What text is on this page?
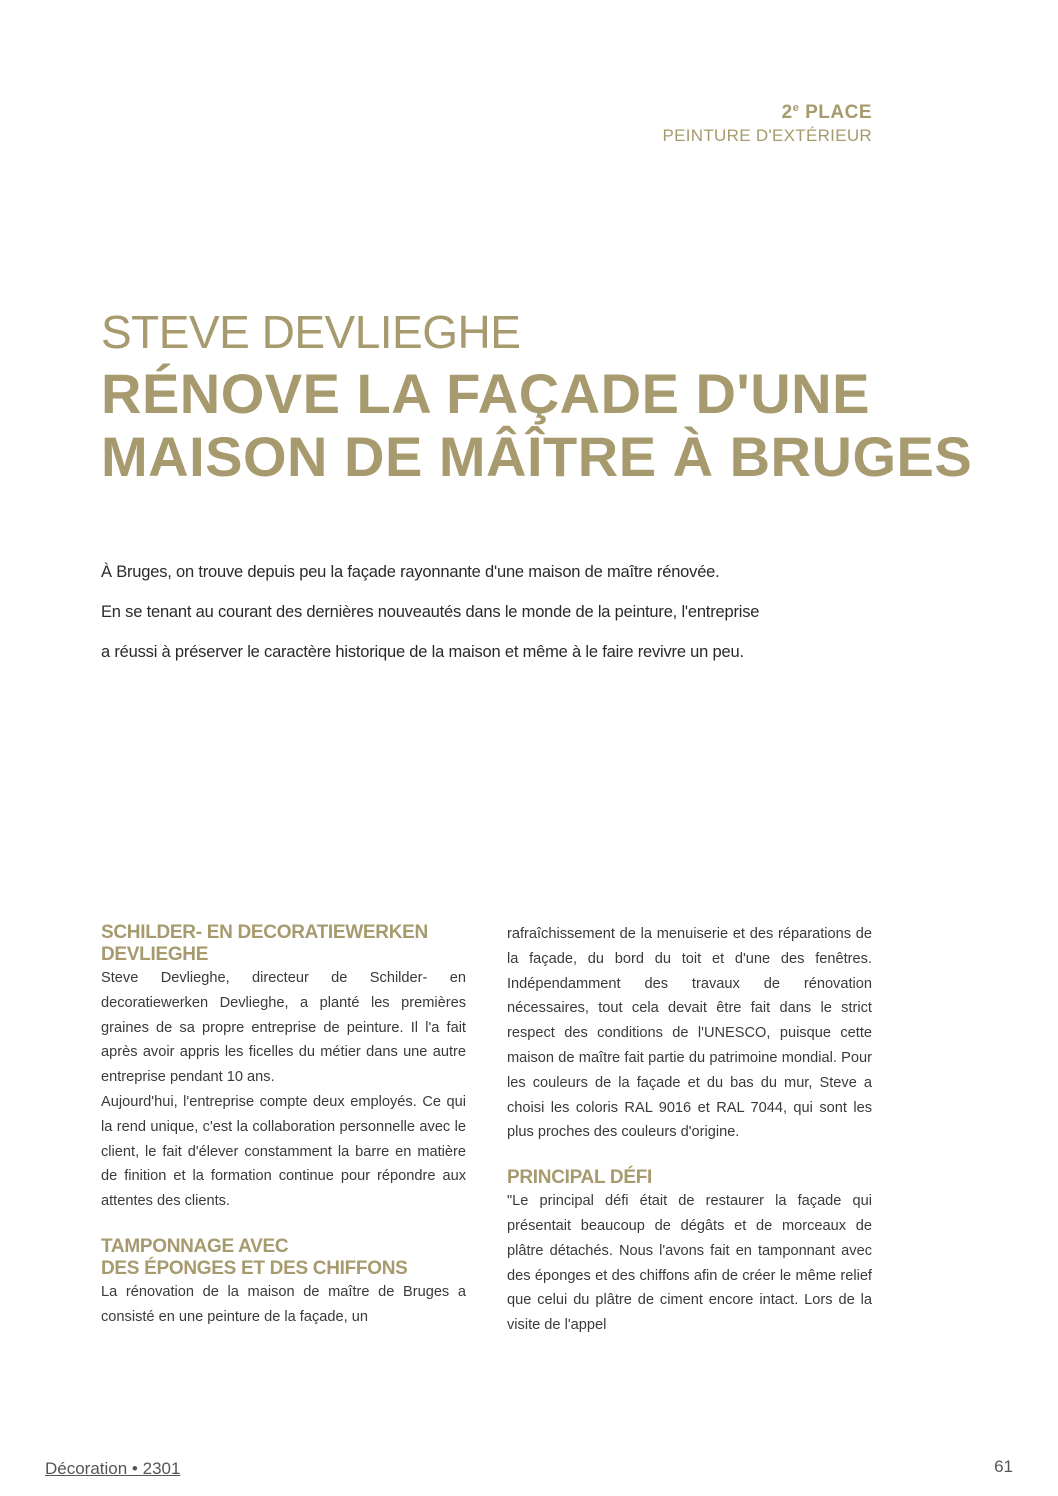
2e PLACE
PEINTURE D'EXTÉRIEUR
STEVE DEVLIEGHE
RÉNOVE LA FAÇADE D'UNE
MAISON DE MÂÎTRE À BRUGES

À Bruges, on trouve depuis peu la façade rayonnante d'une maison de maître rénovée.

En se tenant au courant des dernières nouveautés dans le monde de la peinture, l'entreprise

a réussi à préserver le caractère historique de la maison et même à le faire revivre un peu.

SCHILDER- EN DECORATIEWERKEN
DEVLIEGHE

Steve Devlieghe, directeur de Schilder- en decoratiewerken Devlieghe, a planté les premières graines de sa propre entreprise de peinture. Il l'a fait après avoir appris les ficelles du métier dans une autre entreprise pendant 10 ans.

Aujourd'hui, l'entreprise compte deux employés. Ce qui la rend unique, c'est la collaboration personnelle avec le client, le fait d'élever constamment la barre en matière de finition et la formation continue pour répondre aux attentes des clients.

TAMPONNAGE AVEC
DES ÉPONGES ET DES CHIFFONS

La rénovation de la maison de maître de Bruges a consisté en une peinture de la façade, un

rafraîchissement de la menuiserie et des réparations de la façade, du bord du toit et d'une des fenêtres. Indépendamment des travaux de rénovation nécessaires, tout cela devait être fait dans le strict respect des conditions de l'UNESCO, puisque cette maison de maître fait partie du patrimoine mondial. Pour les couleurs de la façade et du bas du mur, Steve a choisi les coloris RAL 9016 et RAL 7044, qui sont les plus proches des couleurs d'origine.

PRINCIPAL DÉFI

"Le principal défi était de restaurer la façade qui présentait beaucoup de dégâts et de morceaux de plâtre détachés. Nous l'avons fait en tamponnant avec des éponges et des chiffons afin de créer le même relief que celui du plâtre de ciment encore intact. Lors de la visite de l'appel

Décoration • 2301	61
